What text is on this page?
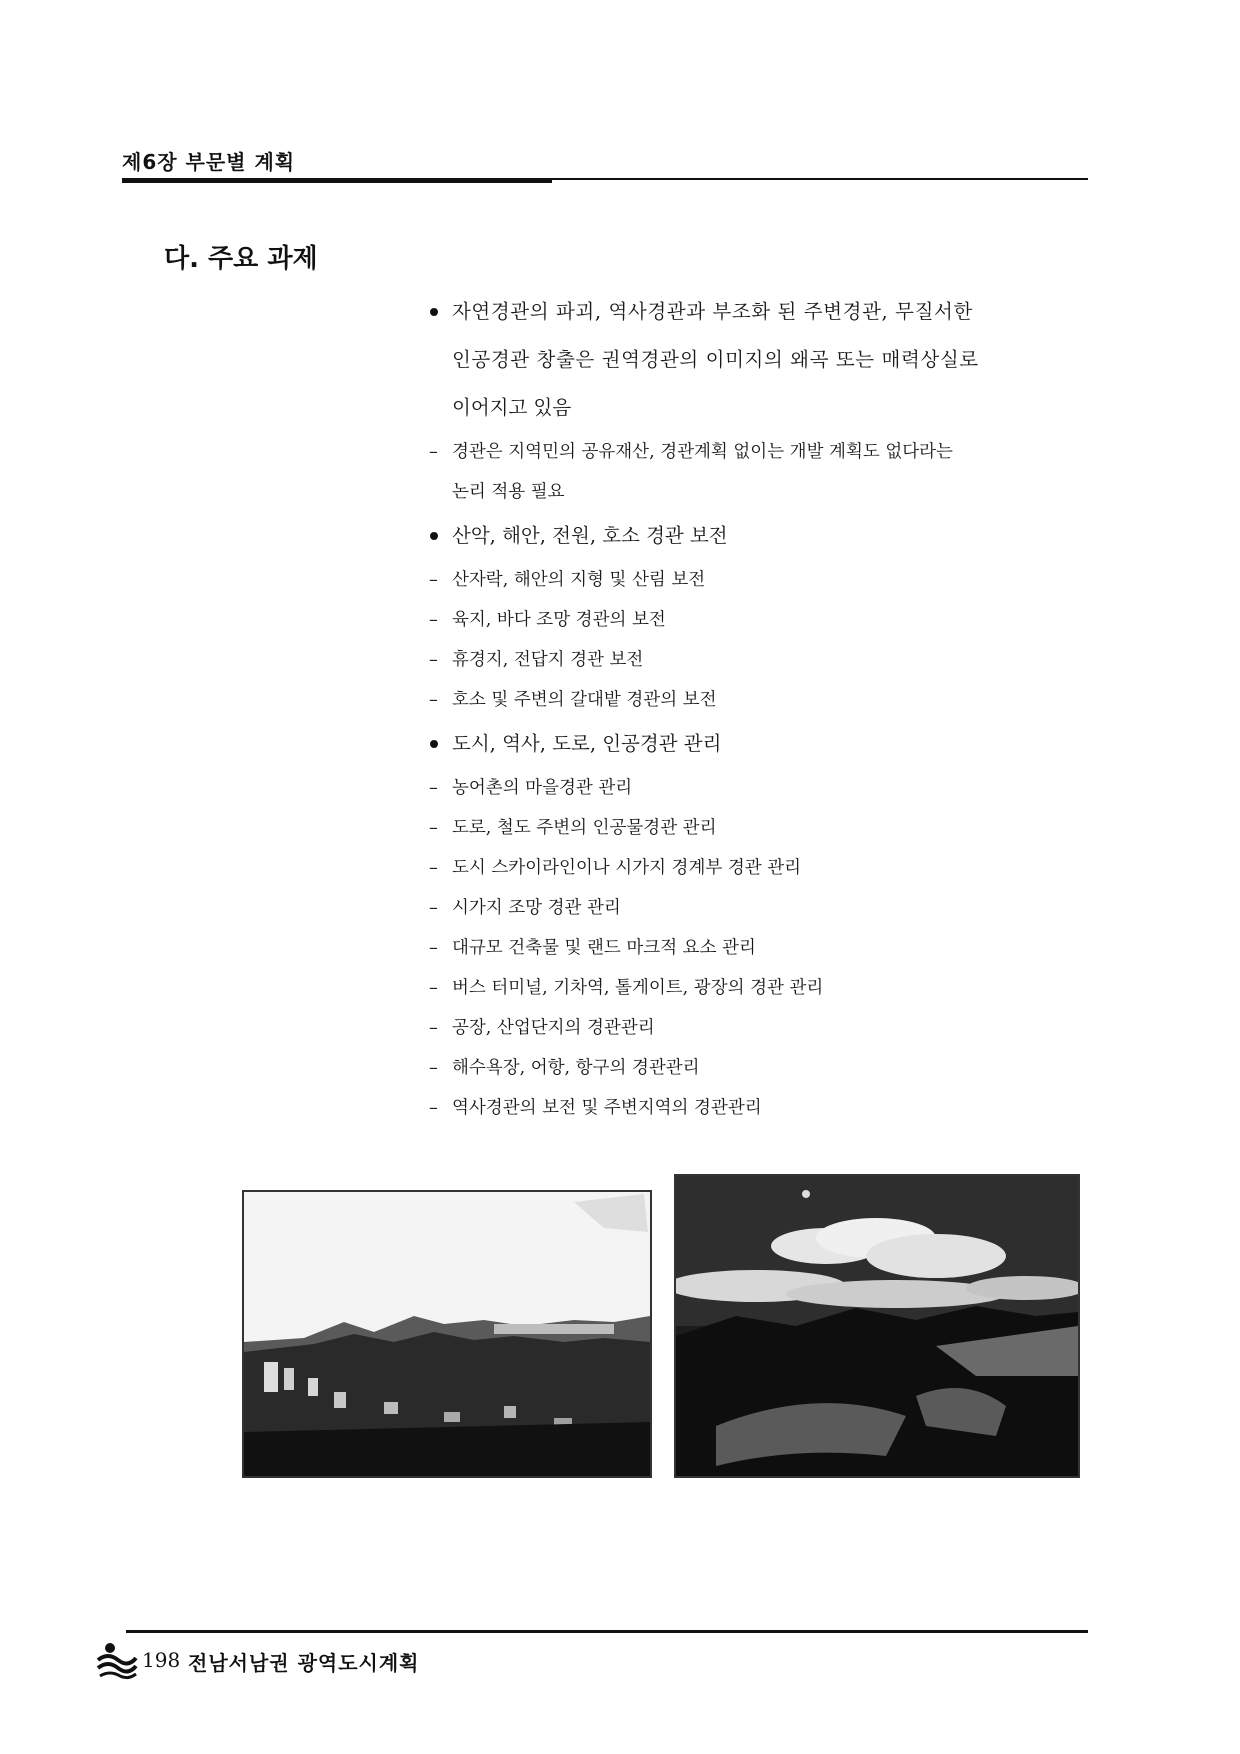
제6장 부문별 계획
다. 주요 과제
자연경관의 파괴, 역사경관과 부조화 된 주변경관, 무질서한
인공경관 창출은 권역경관의 이미지의 왜곡 또는 매력상실로
이어지고 있음
– 경관은 지역민의 공유재산, 경관계획 없이는 개발 계획도 없다라는
논리 적용 필요
산악, 해안, 전원, 호소 경관 보전
– 산자락, 해안의 지형 및 산림 보전
– 육지, 바다 조망 경관의 보전
– 휴경지, 전답지 경관 보전
– 호소 및 주변의 갈대밭 경관의 보전
도시, 역사, 도로, 인공경관 관리
– 농어촌의 마을경관 관리
– 도로, 철도 주변의 인공물경관 관리
– 도시 스카이라인이나 시가지 경계부 경관 관리
– 시가지 조망 경관 관리
– 대규모 건축물 및 랜드 마크적 요소 관리
– 버스 터미널, 기차역, 톨게이트, 광장의 경관 관리
– 공장, 산업단지의 경관관리
– 해수욕장, 어항, 항구의 경관관리
– 역사경관의 보전 및 주변지역의 경관관리
198 전남서남권 광역도시계획
